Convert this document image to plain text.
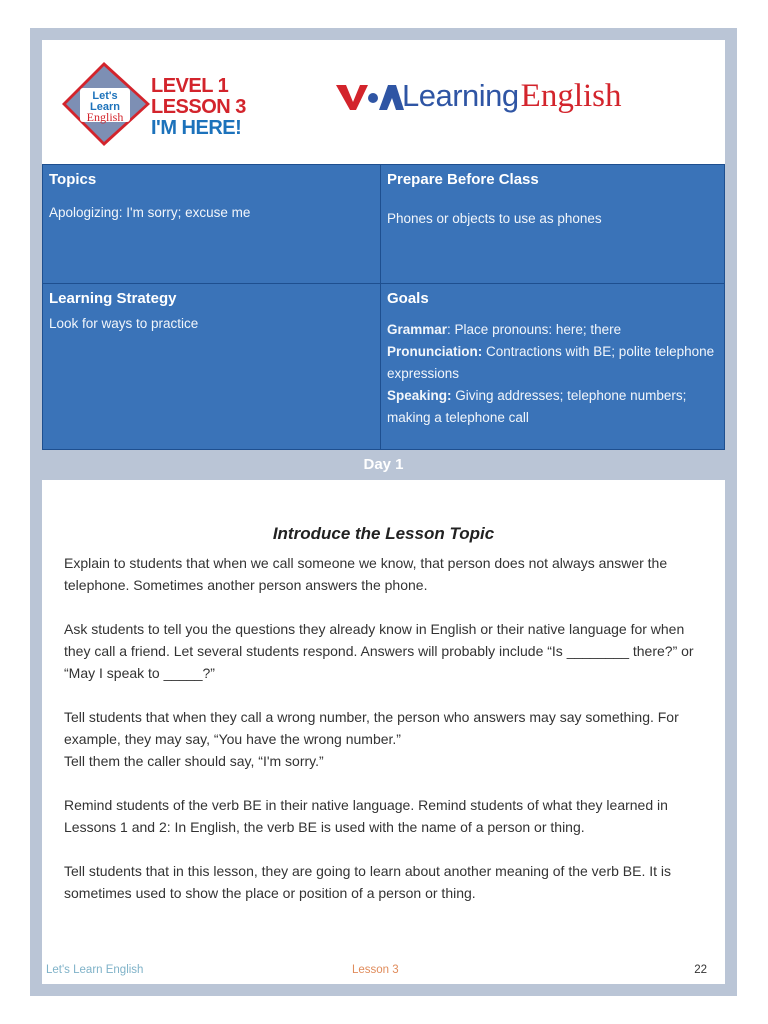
Let's
Learn
English
LEVEL 1
LESSON 3
I'M HERE!
Learning English
Topics
Apologizing: I'm sorry; excuse me
Prepare Before Class
Phones or objects to use as phones
Learning Strategy
Look for ways to practice
Goals
Grammar: Place pronouns: here; there
Pronunciation: Contractions with BE; polite telephone expressions
Speaking: Giving addresses; telephone numbers; making a telephone call
Day 1
Introduce the Lesson Topic

Explain to students that when we call someone we know, that person does not always answer the telephone. Sometimes another person answers the phone.

Ask students to tell you the questions they already know in English or their native language for when they call a friend. Let several students respond. Answers will probably include “Is ________ there?” or “May I speak to _____?”

Tell students that when they call a wrong number, the person who answers may say something. For example, they may say, “You have the wrong number.”
Tell them the caller should say, “I'm sorry.”

Remind students of the verb BE in their native language. Remind students of what they learned in Lessons 1 and 2: In English, the verb BE is used with the name of a person or thing.

Tell students that in this lesson, they are going to learn about another meaning of the verb BE. It is sometimes used to show the place or position of a person or thing.

Let's Learn English	Lesson 3	22
